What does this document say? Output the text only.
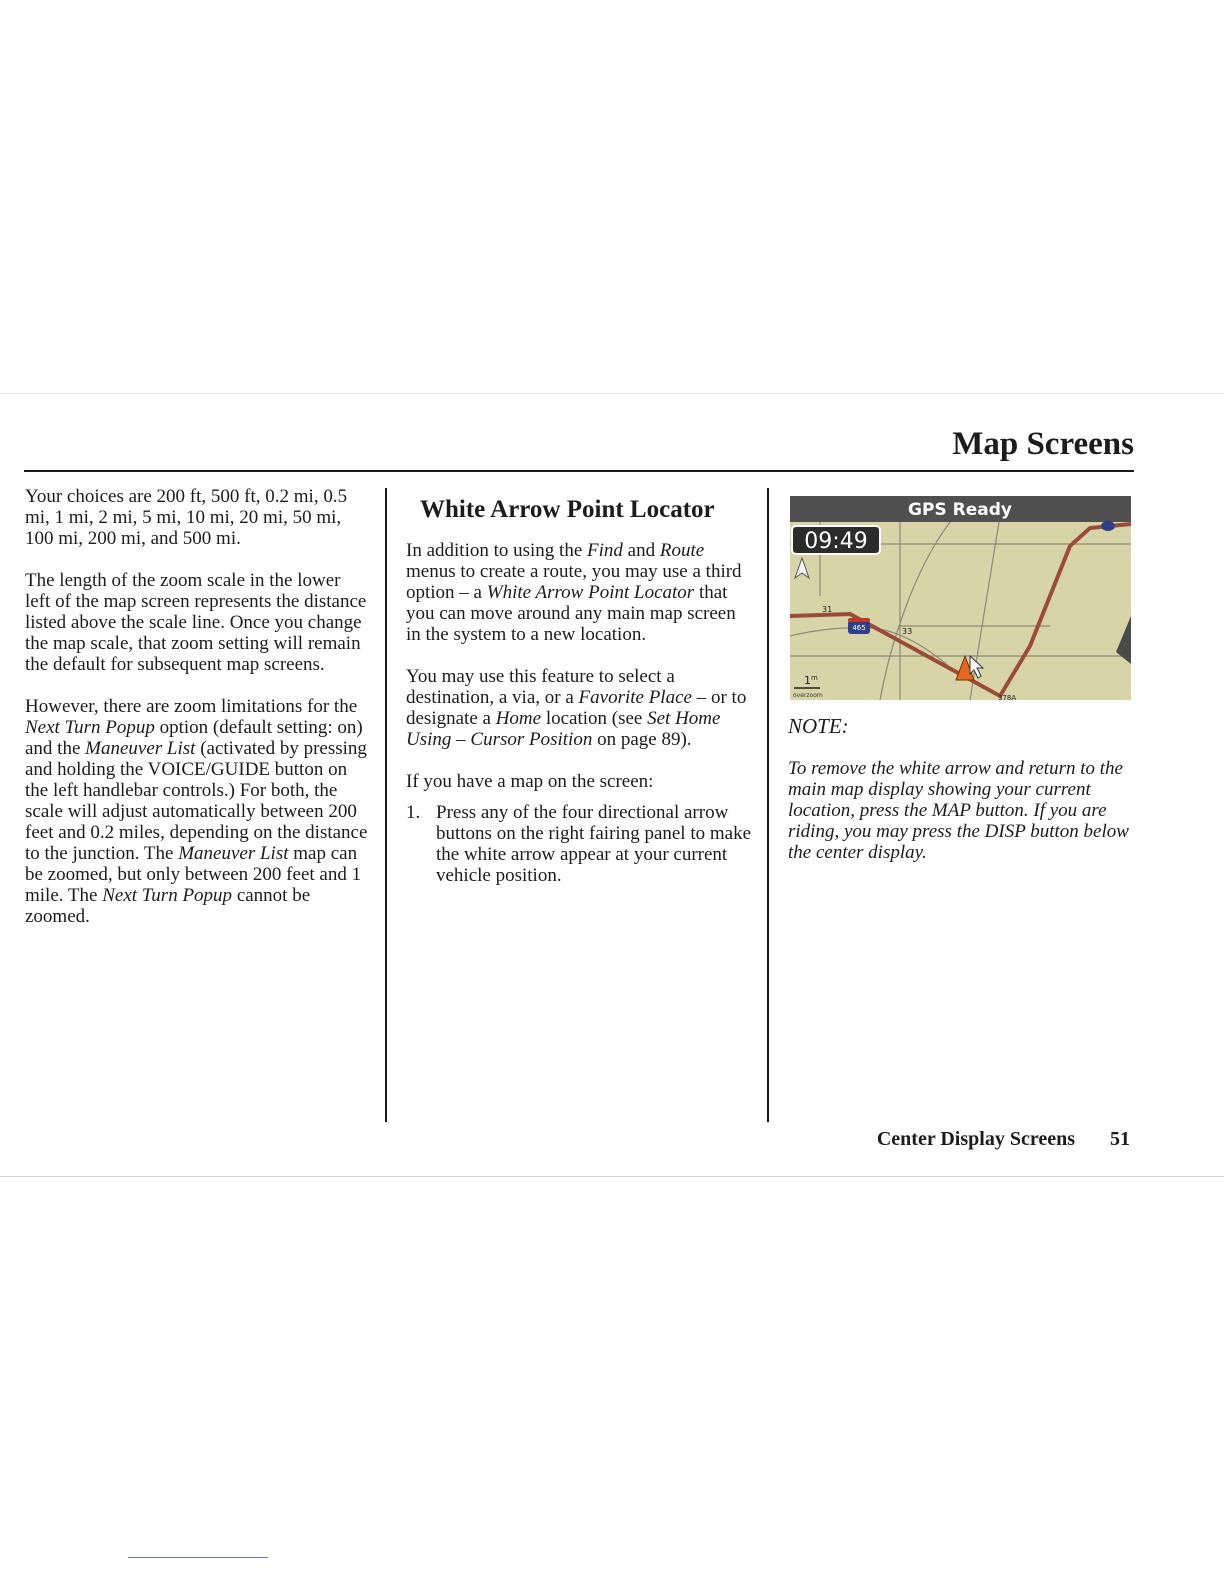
Map Screens

Your choices are 200 ft, 500 ft, 0.2 mi, 0.5 mi, 1 mi, 2 mi, 5 mi, 10 mi, 20 mi, 50 mi, 100 mi, 200 mi, and 500 mi.

The length of the zoom scale in the lower left of the map screen represents the distance listed above the scale line. Once you change the map scale, that zoom setting will remain the default for subsequent map screens.

However, there are zoom limitations for the Next Turn Popup option (default setting: on) and the Maneuver List (activated by pressing and holding the VOICE/GUIDE button on the left handlebar controls.) For both, the scale will adjust automatically between 200 feet and 0.2 miles, depending on the distance to the junction. The Maneuver List map can be zoomed, but only between 200 feet and 1 mile. The Next Turn Popup cannot be zoomed.

White Arrow Point Locator

In addition to using the Find and Route menus to create a route, you may use a third option – a White Arrow Point Locator that you can move around any main map screen in the system to a new location.

You may use this feature to select a destination, a via, or a Favorite Place – or to designate a Home location (see Set Home Using – Cursor Position on page 89).

If you have a map on the screen:

1. Press any of the four directional arrow buttons on the right fairing panel to make the white arrow appear at your current vehicle position.
465
31
33
378A
GPS Ready
09:49
1 m
overzoom

NOTE:

To remove the white arrow and return to the main map display showing your current location, press the MAP button. If you are riding, you may press the DISP button below the center display.

Center Display Screens 51
